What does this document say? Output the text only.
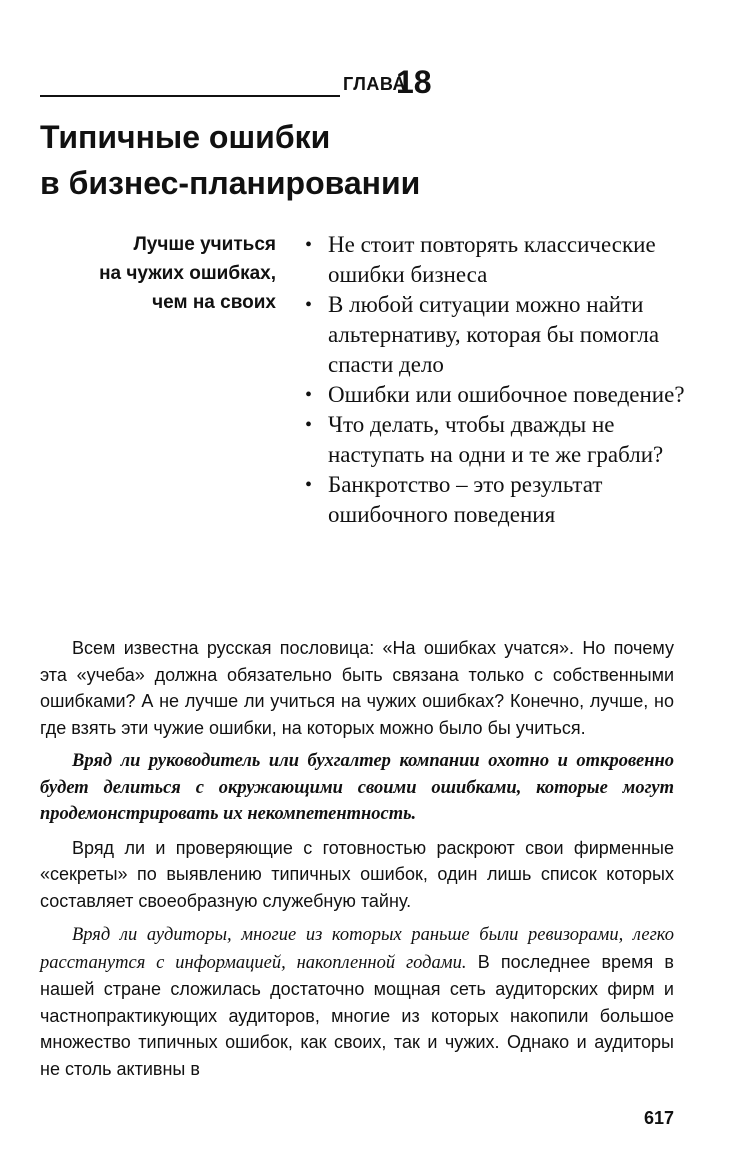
ГЛАВА
18
Типичные ошибки
в бизнес-планировании
Лучше учиться
на чужих ошибках,
чем на своих
• Не стоит повторять классические ошибки бизнеса
• В любой ситуации можно найти альтернативу, которая бы помогла спасти дело
• Ошибки или ошибочное поведение?
• Что делать, чтобы дважды не наступать на одни и те же грабли?
• Банкротство – это результат ошибочного поведения

Всем известна русская пословица: «На ошибках учатся». Но почему эта «учеба» должна обязательно быть связана только с собственными ошибками? А не лучше ли учиться на чужих ошибках? Конечно, лучше, но где взять эти чужие ошибки, на которых можно было бы учиться.

Вряд ли руководитель или бухгалтер компании охотно и откровенно будет делиться с окружающими своими ошибками, которые могут продемонстрировать их некомпетентность.

Вряд ли и проверяющие с готовностью раскроют свои фирменные «секреты» по выявлению типичных ошибок, один лишь список которых составляет своеобразную служебную тайну.

Вряд ли аудиторы, многие из которых раньше были ревизорами, легко расстанутся с информацией, накопленной годами. В последнее время в нашей стране сложилась достаточно мощная сеть аудиторских фирм и частнопрактикующих аудиторов, многие из которых накопили большое множество типичных ошибок, как своих, так и чужих. Однако и аудиторы не столь активны в

617
